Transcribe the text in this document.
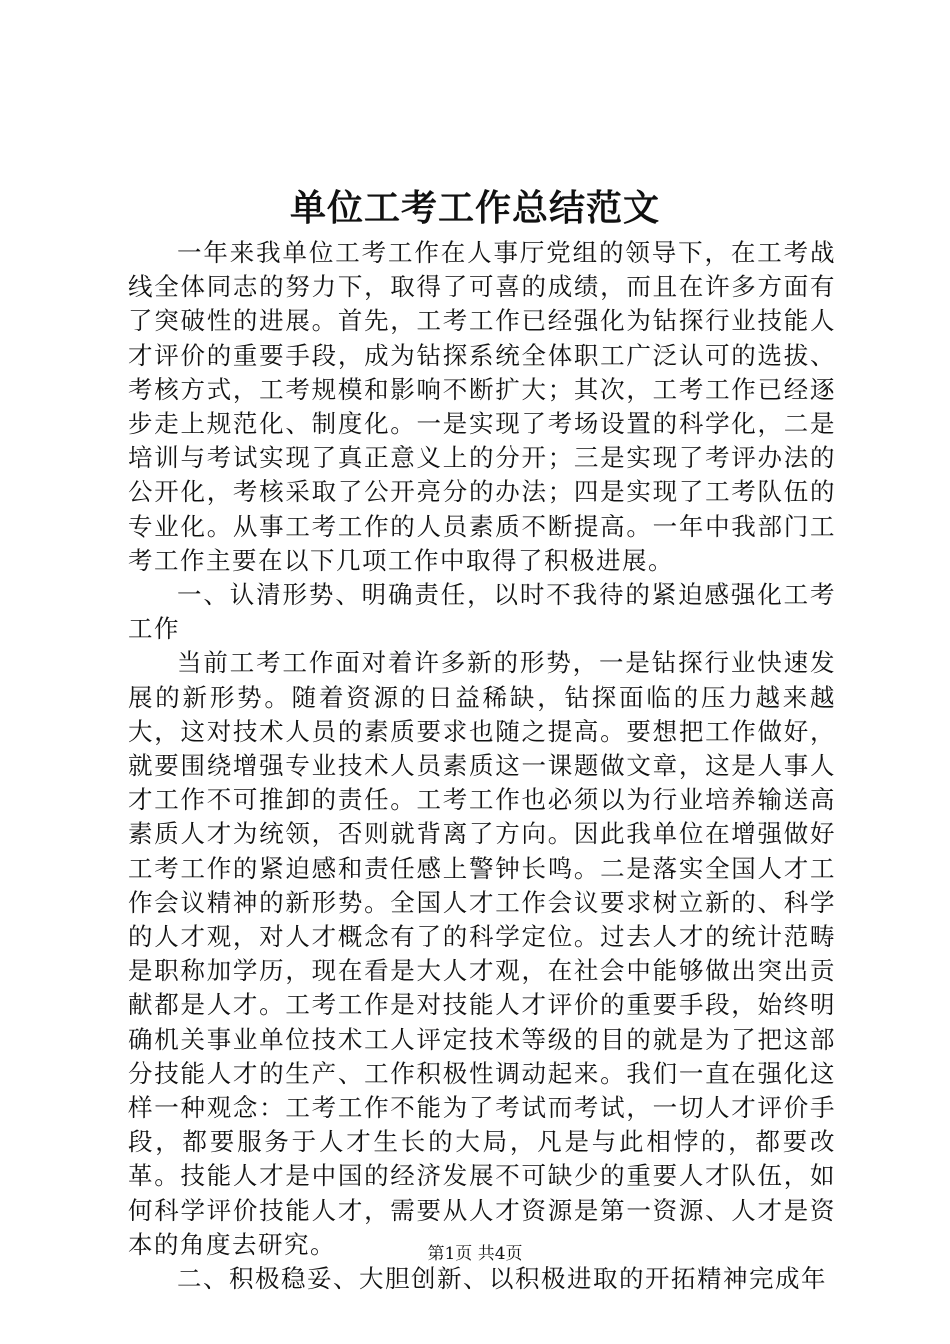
单位工考工作总结范文

一年来我单位工考工作在人事厅党组的领导下，在工考战线全体同志的努力下，取得了可喜的成绩，而且在许多方面有了突破性的进展。首先，工考工作已经强化为钻探行业技能人才评价的重要手段，成为钻探系统全体职工广泛认可的选拔、考核方式，工考规模和影响不断扩大；其次，工考工作已经逐步走上规范化、制度化。一是实现了考场设置的科学化，二是培训与考试实现了真正意义上的分开；三是实现了考评办法的公开化，考核采取了公开亮分的办法；四是实现了工考队伍的专业化。从事工考工作的人员素质不断提高。一年中我部门工考工作主要在以下几项工作中取得了积极进展。

一、认清形势、明确责任，以时不我待的紧迫感强化工考工作

当前工考工作面对着许多新的形势，一是钻探行业快速发展的新形势。随着资源的日益稀缺，钻探面临的压力越来越大，这对技术人员的素质要求也随之提高。要想把工作做好，就要围绕增强专业技术人员素质这一课题做文章，这是人事人才工作不可推卸的责任。工考工作也必须以为行业培养输送高素质人才为统领，否则就背离了方向。因此我单位在增强做好工考工作的紧迫感和责任感上警钟长鸣。二是落实全国人才工作会议精神的新形势。全国人才工作会议要求树立新的、科学的人才观，对人才概念有了的科学定位。过去人才的统计范畴是职称加学历，现在看是大人才观，在社会中能够做出突出贡献都是人才。工考工作是对技能人才评价的重要手段，始终明确机关事业单位技术工人评定技术等级的目的就是为了把这部分技能人才的生产、工作积极性调动起来。我们一直在强化这样一种观念：工考工作不能为了考试而考试，一切人才评价手段，都要服务于人才生长的大局，凡是与此相悖的，都要改革。技能人才是中国的经济发展不可缺少的重要人才队伍，如何科学评价技能人才，需要从人才资源是第一资源、人才是资本的角度去研究。

二、积极稳妥、大胆创新、以积极进取的开拓精神完成年

第1页 共4页
